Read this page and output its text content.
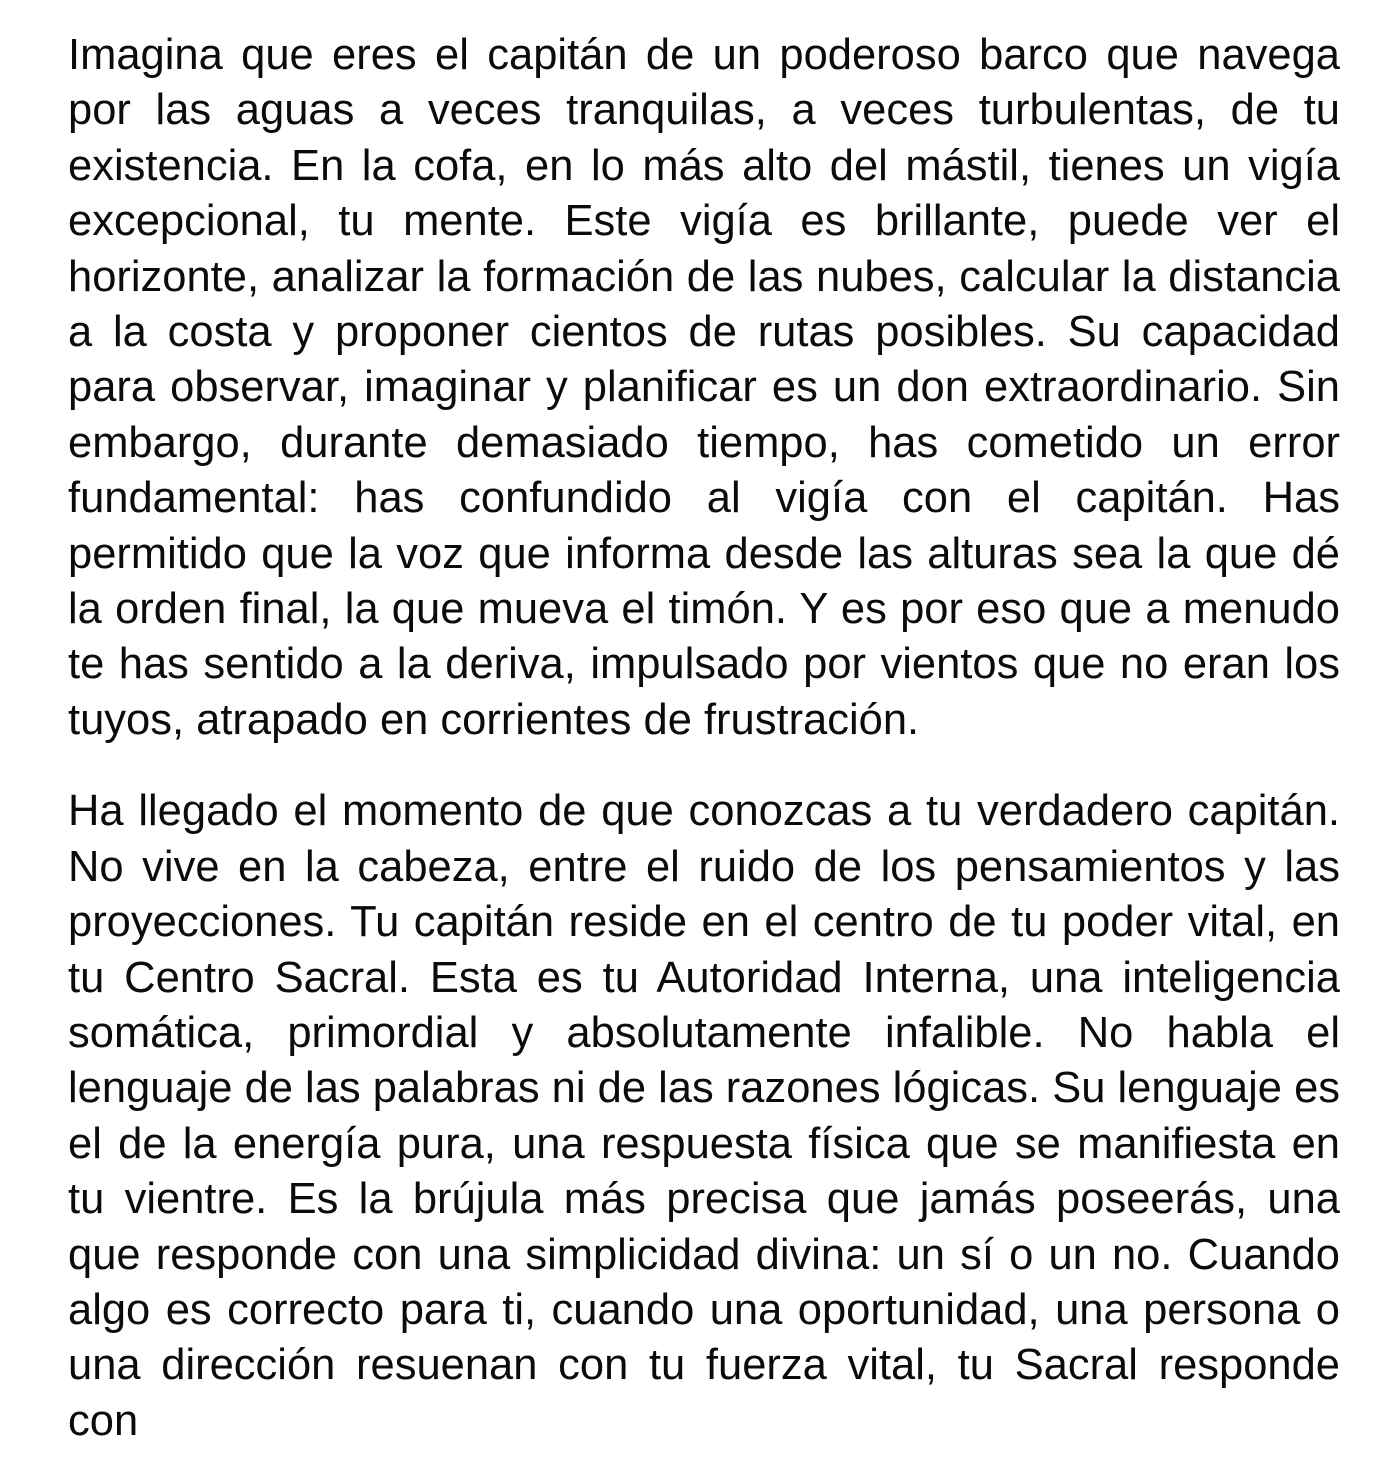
Imagina que eres el capitán de un poderoso barco que navega por las aguas a veces tranquilas, a veces turbulentas, de tu existencia. En la cofa, en lo más alto del mástil, tienes un vigía excepcional, tu mente. Este vigía es brillante, puede ver el horizonte, analizar la formación de las nubes, calcular la distancia a la costa y proponer cientos de rutas posibles. Su capacidad para observar, imaginar y planificar es un don extraordinario. Sin embargo, durante demasiado tiempo, has cometido un error fundamental: has confundido al vigía con el capitán. Has permitido que la voz que informa desde las alturas sea la que dé la orden final, la que mueva el timón. Y es por eso que a menudo te has sentido a la deriva, impulsado por vientos que no eran los tuyos, atrapado en corrientes de frustración.

Ha llegado el momento de que conozcas a tu verdadero capitán. No vive en la cabeza, entre el ruido de los pensamientos y las proyecciones. Tu capitán reside en el centro de tu poder vital, en tu Centro Sacral. Esta es tu Autoridad Interna, una inteligencia somática, primordial y absolutamente infalible. No habla el lenguaje de las palabras ni de las razones lógicas. Su lenguaje es el de la energía pura, una respuesta física que se manifiesta en tu vientre. Es la brújula más precisa que jamás poseerás, una que responde con una simplicidad divina: un sí o un no. Cuando algo es correcto para ti, cuando una oportunidad, una persona o una dirección resuenan con tu fuerza vital, tu Sacral responde con
